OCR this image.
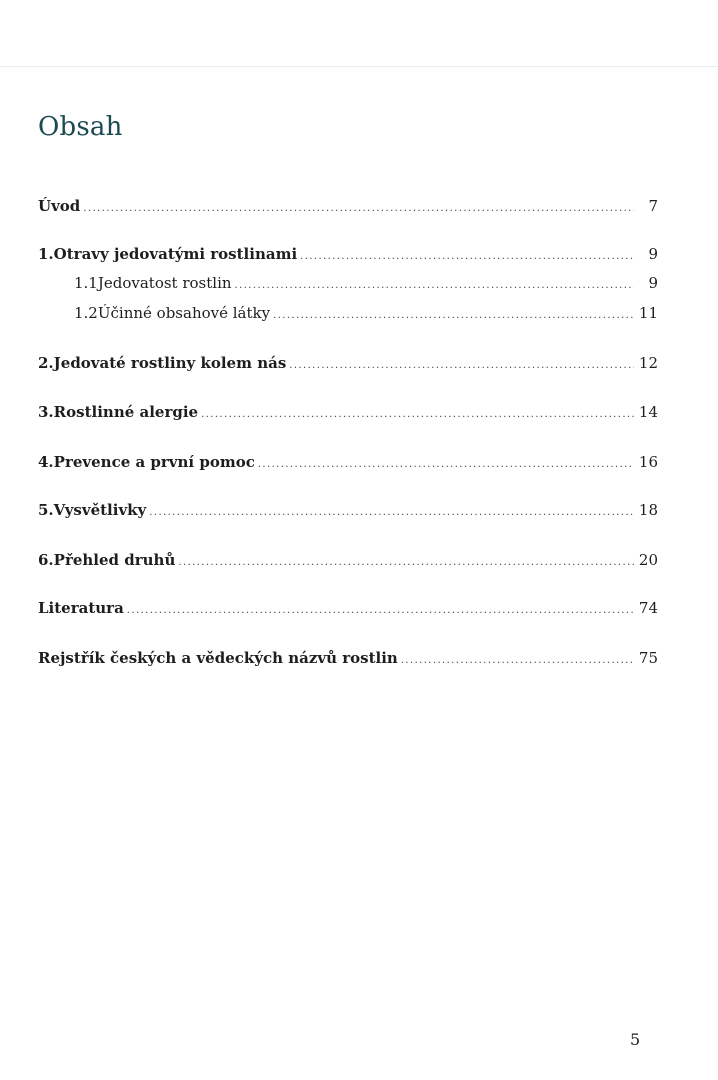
Obsah
Úvod .....	7
1. Otravy jedovatými rostlinami .....	9
1.1 Jedovatost rostlin .....	9
1.2 Účinné obsahové látky .....	11
2. Jedovaté rostliny kolem nás .....	12
3. Rostlinné alergie .....	14
4. Prevence a první pomoc .....	16
5. Vysvětlivky .....	18
6. Přehled druhů .....	20
Literatura .....	74
Rejstřík českých a vědeckých názvů rostlin .....	75
5
